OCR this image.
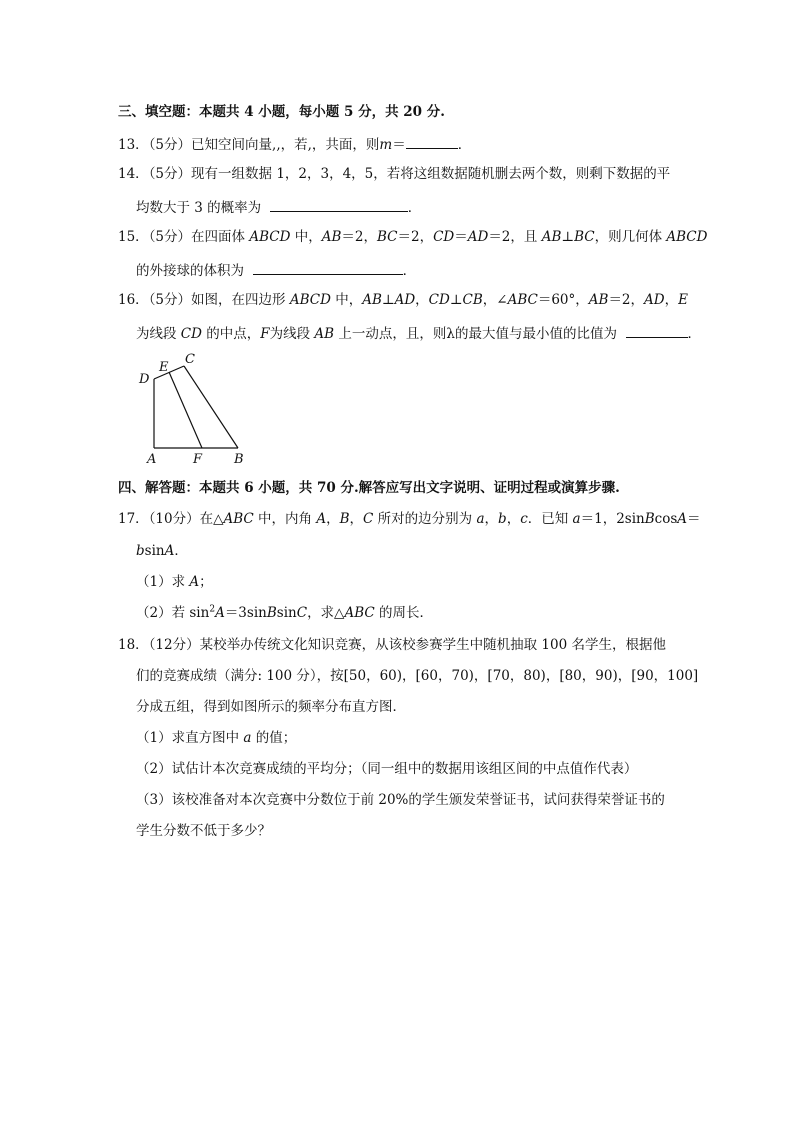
三、填空题：本题共 4 小题，每小题 5 分，共 20 分.
13．（5分）已知空间向量,,，若,，共面，则m＝	．
14．（5分）现有一组数据 1，2，3，4，5，若将这组数据随机删去两个数，则剩下数据的平
均数大于 3 的概率为	．
15．（5分）在四面体 ABCD 中，AB＝2，BC＝2，CD＝AD＝2，且 AB⊥BC，则几何体 ABCD
的外接球的体积为	．
16．（5分）如图，在四边形 ABCD 中，AB⊥AD，CD⊥CB，∠ABC＝60°，AB＝2，AD，E
为线段 CD 的中点，F为线段 AB 上一动点，且，则λ的最大值与最小值的比值为	．
D
E
C
A	F B
四、解答题：本题共 6 小题，共 70 分.解答应写出文字说明、证明过程或演算步骤.
17．（10分）在△ABC 中，内角 A，B，C 所对的边分别为 a，b，c．已知 a＝1，2sinBcosA＝
bsinA．
（1）求 A；
（2）若 $\sin^2A=3sinBsinC$，求△ABC 的周长．
18．（12分）某校举办传统文化知识竞赛，从该校参赛学生中随机抽取 100 名学生，根据他
们的竞赛成绩（满分: 100 分），按[50，60)，[60，70)，[70，80)，[80，90)，[90，100]
分成五组，得到如图所示的频率分布直方图．
（1）求直方图中 a 的值；
（2）试估计本次竞赛成绩的平均分；（同一组中的数据用该组区间的中点值作代表）
（3）该校准备对本次竞赛中分数位于前 20%的学生颁发荣誉证书，试问获得荣誉证书的
学生分数不低于多少？
